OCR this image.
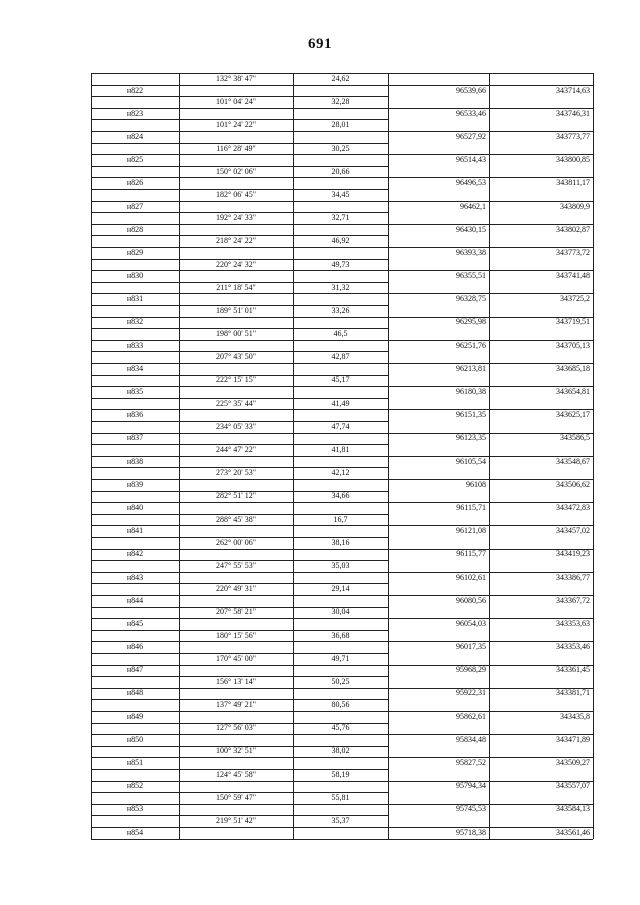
691
132° 38' 47"	24,62
н822	96539,66	343714,63
101° 04' 24"	32,28
н823	96533,46	343746,31
101° 24' 22"	28,01
н824	96527,92	343773,77
116° 28' 49"	30,25
н825	96514,43	343800,85
150° 02' 06"	20,66
н826	96496,53	343811,17
182° 06' 45"	34,45
н827	96462,1	343809,9
192° 24' 33"	32,71
н828	96430,15	343802,87
218° 24' 22"	46,92
н829	96393,38	343773,72
220° 24' 32"	49,73
н830	96355,51	343741,48
211° 18' 54"	31,32
н831	96328,75	343725,2
189° 51' 01"	33,26
н832	96295,98	343719,51
198° 00' 51"	46,5
н833	96251,76	343705,13
207° 43' 50"	42,87
н834	96213,81	343685,18
222° 15' 15"	45,17
н835	96180,38	343654,81
225° 35' 44"	41,49
н836	96151,35	343625,17
234° 05' 33"	47,74
н837	96123,35	343586,5
244° 47' 22"	41,81
н838	96105,54	343548,67
273° 20' 53"	42,12
н839	96108	343506,62
282° 51' 12"	34,66
н840	96115,71	343472,83
288° 45' 38"	16,7
н841	96121,08	343457,02
262° 00' 06"	38,16
н842	96115,77	343419,23
247° 55' 53"	35,03
н843	96102,61	343386,77
220° 49' 31"	29,14
н844	96080,56	343367,72
207° 58' 21"	30,04
н845	96054,03	343353,63
180° 15' 56"	36,68
н846	96017,35	343353,46
170° 45' 00"	49,71
н847	95968,29	343361,45
156° 13' 14"	50,25
н848	95922,31	343381,71
137° 49' 21"	80,56
н849	95862,61	343435,8
127° 56' 03"	45,76
н850	95834,48	343471,89
100° 32' 51"	38,02
н851	95827,52	343509,27
124° 45' 58"	58,19
н852	95794,34	343557,07
150° 59' 47"	55,81
н853	95745,53	343584,13
219° 51' 42"	35,37
н854	95718,38	343561,46
